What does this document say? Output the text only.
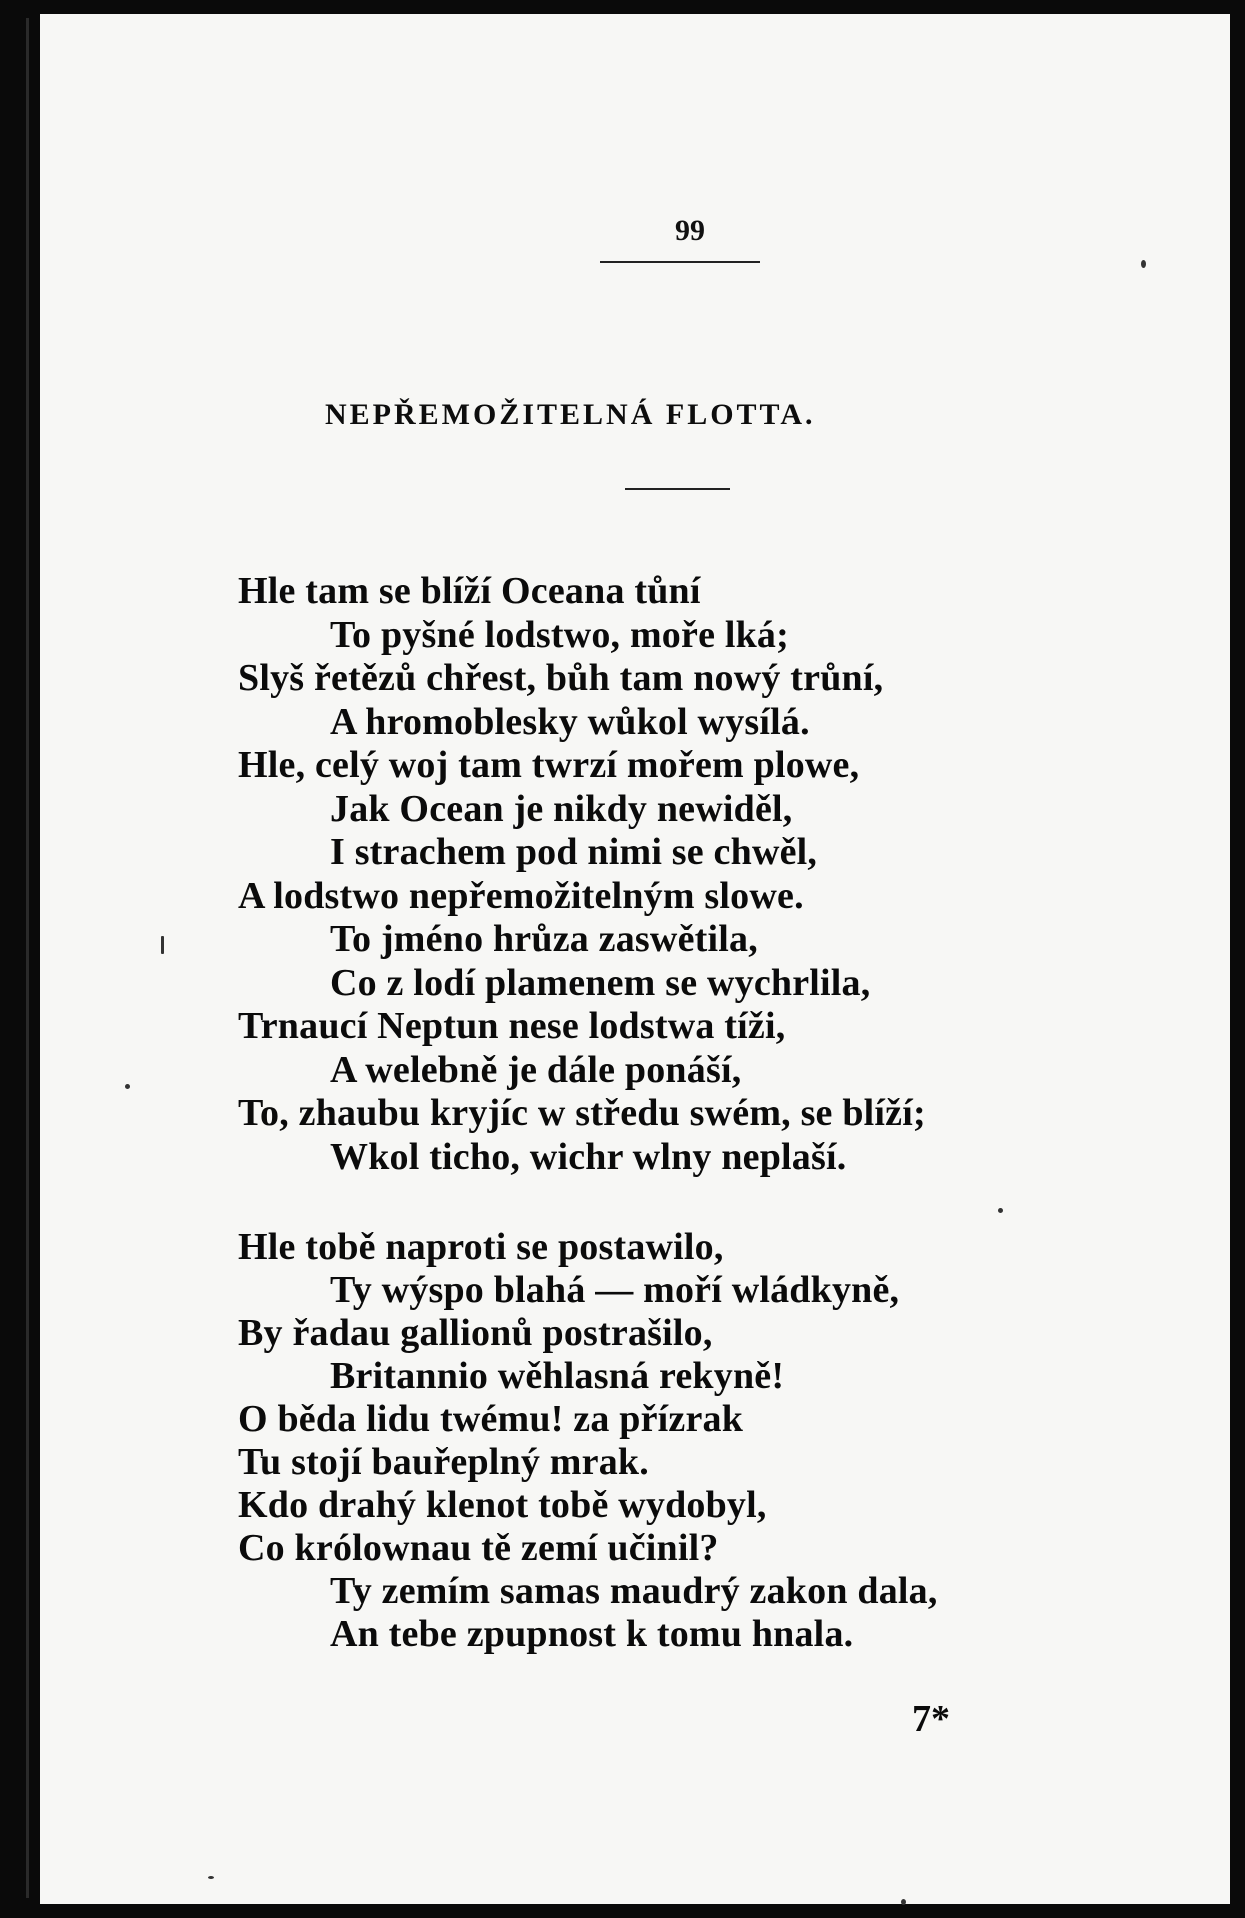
99
NEPŘEMOŽITELNÁ FLOTTA.
Hle tam se blíží Oceana tůní
To pyšné lodstwo, moře lká;
Slyš řetězů chřest, bůh tam nowý trůní,
A hromoblesky wůkol wysílá.
Hle, celý woj tam twrzí mořem plowe,
Jak Ocean je nikdy newiděl,
I strachem pod nimi se chwěl,
A lodstwo nepřemožitelným slowe.
To jméno hrůza zaswětila,
Co z lodí plamenem se wychrlila,
Trnaucí Neptun nese lodstwa tíži,
A welebně je dále ponáší,
To, zhaubu kryjíc w středu swém, se blíží;
Wkol ticho, wichr wlny neplaší.
Hle tobě naproti se postawilo,
Ty wýspo blahá — moří wládkyně,
By řadau gallionů postrašilo,
Britannio wěhlasná rekyně!
O běda lidu twému! za přízrak
Tu stojí bauřeplný mrak.
Kdo drahý klenot tobě wydobyl,
Co królownau tě zemí učinil?
Ty zemím samas maudrý zakon dala,
An tebe zpupnost k tomu hnala.
7*
